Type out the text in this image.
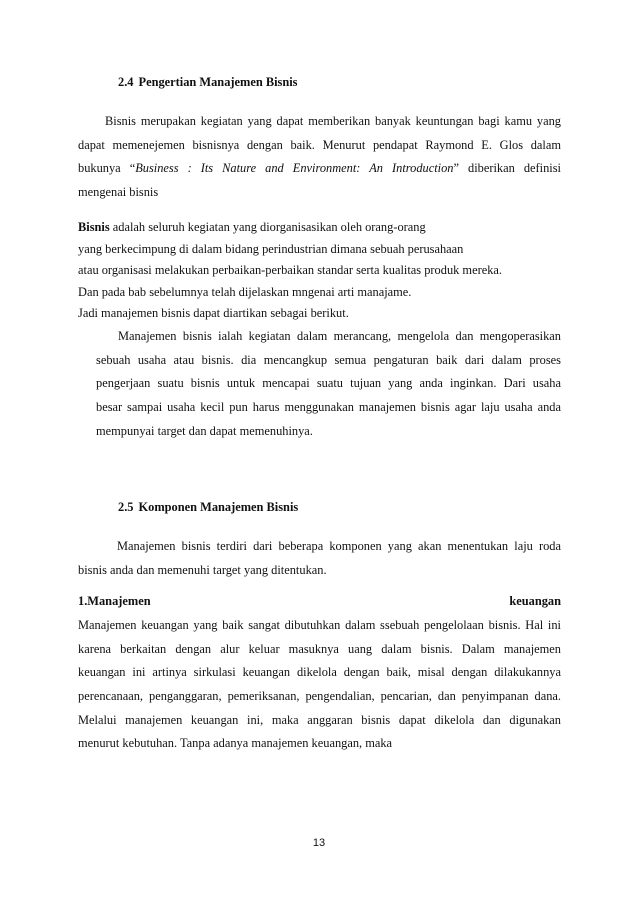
2.4 Pengertian Manajemen Bisnis
Bisnis merupakan kegiatan yang dapat memberikan banyak keuntungan bagi kamu yang
dapat memenejemen bisnisnya dengan baik. Menurut pendapat Raymond E. Glos dalam
bukunya “Business : Its Nature and Environment: An Introduction” diberikan definisi
mengenai bisnis
Bisnis adalah seluruh kegiatan yang diorganisasikan oleh orang-orang
yang berkecimpung di dalam bidang perindustrian dimana sebuah perusahaan
atau organisasi melakukan perbaikan-perbaikan standar serta kualitas produk mereka.
Dan pada bab sebelumnya telah dijelaskan mngenai arti manajame.
Jadi manajemen bisnis dapat diartikan sebagai berikut.
Manajemen bisnis ialah kegiatan dalam merancang, mengelola dan mengoperasikan
sebuah usaha atau bisnis. dia mencangkup semua pengaturan baik dari dalam proses
pengerjaan suatu bisnis untuk mencapai suatu tujuan yang anda inginkan. Dari usaha
besar sampai usaha kecil pun harus menggunakan manajemen bisnis agar laju usaha anda
mempunyai target dan dapat memenuhinya.
2.5 Komponen Manajemen Bisnis
Manajemen bisnis terdiri dari beberapa komponen yang akan menentukan laju roda
bisnis anda dan memenuhi target yang ditentukan.
1.Manajemen	keuangan
Manajemen keuangan yang baik sangat dibutuhkan dalam ssebuah pengelolaan bisnis. Hal ini
karena berkaitan dengan alur keluar masuknya uang dalam bisnis. Dalam manajemen
keuangan ini artinya sirkulasi keuangan dikelola dengan baik, misal dengan dilakukannya
perencanaan, penganggaran, pemeriksanan, pengendalian, pencarian, dan penyimpanan dana.
Melalui manajemen keuangan ini, maka anggaran bisnis dapat dikelola dan digunakan
menurut kebutuhan. Tanpa adanya manajemen keuangan, maka
13
